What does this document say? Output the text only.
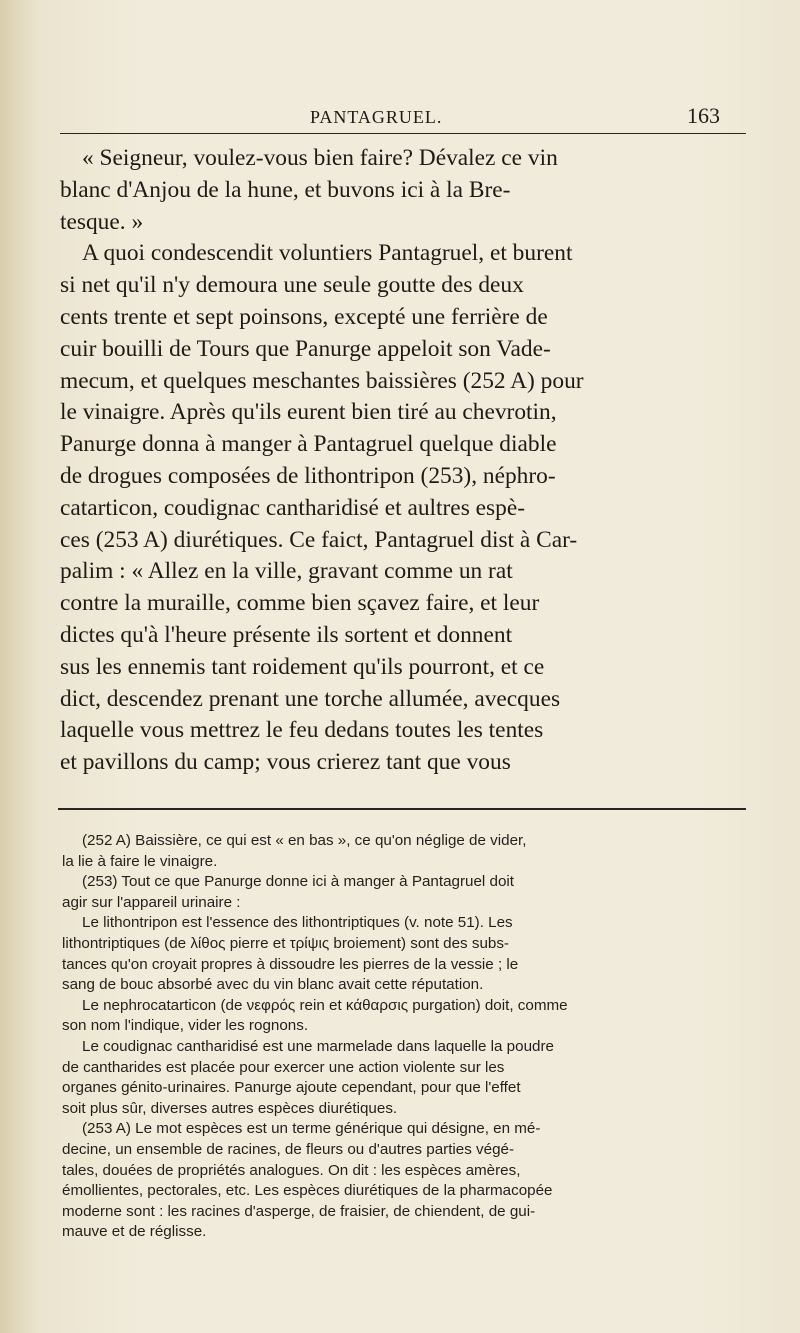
PANTAGRUEL.	163
« Seigneur, voulez-vous bien faire? Dévalez ce vin
blanc d'Anjou de la hune, et buvons ici à la Bre-
tesque. »
A quoi condescendit voluntiers Pantagruel, et burent
si net qu'il n'y demoura une seule goutte des deux
cents trente et sept poinsons, excepté une ferrière de
cuir bouilli de Tours que Panurge appeloit son Vade-
mecum, et quelques meschantes baissières (252 A) pour
le vinaigre. Après qu'ils eurent bien tiré au chevrotin,
Panurge donna à manger à Pantagruel quelque diable
de drogues composées de lithontripon (253), néphro-
catarticon, coudignac cantharidisé et aultres espè-
ces (253 A) diurétiques. Ce faict, Pantagruel dist à Car-
palim : « Allez en la ville, gravant comme un rat
contre la muraille, comme bien sçavez faire, et leur
dictes qu'à l'heure présente ils sortent et donnent
sus les ennemis tant roidement qu'ils pourront, et ce
dict, descendez prenant une torche allumée, avecques
laquelle vous mettrez le feu dedans toutes les tentes
et pavillons du camp; vous crierez tant que vous
(252 A) Baissière, ce qui est « en bas », ce qu'on néglige de vider,
la lie à faire le vinaigre.
(253) Tout ce que Panurge donne ici à manger à Pantagruel doit
agir sur l'appareil urinaire :
Le lithontripon est l'essence des lithontriptiques (v. note 51). Les
lithontriptiques (de λίθος pierre et τρίψις broiement) sont des subs-
tances qu'on croyait propres à dissoudre les pierres de la vessie ; le
sang de bouc absorbé avec du vin blanc avait cette réputation.
Le nephrocatarticon (de νεφρός rein et κάθαρσις purgation) doit, comme
son nom l'indique, vider les rognons.
Le coudignac cantharidisé est une marmelade dans laquelle la poudre
de cantharides est placée pour exercer une action violente sur les
organes génito-urinaires. Panurge ajoute cependant, pour que l'effet
soit plus sûr, diverses autres espèces diurétiques.
(253 A) Le mot espèces est un terme générique qui désigne, en mé-
decine, un ensemble de racines, de fleurs ou d'autres parties végé-
tales, douées de propriétés analogues. On dit : les espèces amères,
émollientes, pectorales, etc. Les espèces diurétiques de la pharmacopée
moderne sont : les racines d'asperge, de fraisier, de chiendent, de gui-
mauve et de réglisse.
